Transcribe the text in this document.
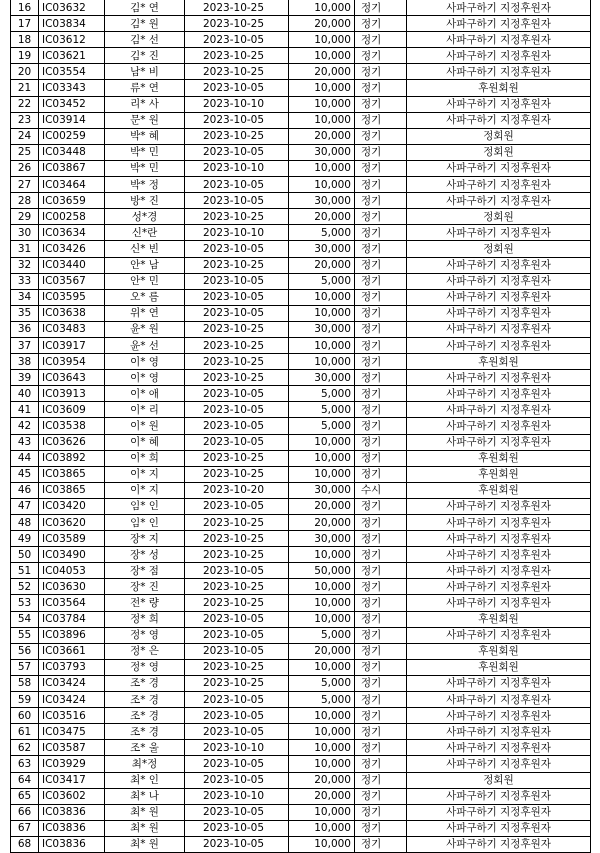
16	IC03632	김* 연	2023-10-25	10,000	정기	사파구하기 지정후원자
17	IC03834	김* 원	2023-10-25	20,000	정기	사파구하기 지정후원자
18	IC03612	김* 선	2023-10-05	10,000	정기	사파구하기 지정후원자
19	IC03621	김* 진	2023-10-25	10,000	정기	사파구하기 지정후원자
20	IC03554	남* 비	2023-10-25	20,000	정기	사파구하기 지정후원자
21	IC03343	류* 연	2023-10-05	10,000	정기	후원회원
22	IC03452	리* 사	2023-10-10	10,000	정기	사파구하기 지정후원자
23	IC03914	문* 원	2023-10-05	10,000	정기	사파구하기 지정후원자
24	IC00259	박* 혜	2023-10-25	20,000	정기	정회원
25	IC03448	박* 민	2023-10-05	30,000	정기	정회원
26	IC03867	박* 민	2023-10-10	10,000	정기	사파구하기 지정후원자
27	IC03464	박* 정	2023-10-05	10,000	정기	사파구하기 지정후원자
28	IC03659	방* 진	2023-10-05	30,000	정기	사파구하기 지정후원자
29	IC00258	성*경	2023-10-25	20,000	정기	정회원
30	IC03634	신*란	2023-10-10	5,000	정기	사파구하기 지정후원자
31	IC03426	신* 빈	2023-10-05	30,000	정기	정회원
32	IC03440	안* 남	2023-10-25	20,000	정기	사파구하기 지정후원자
33	IC03567	안* 민	2023-10-05	5,000	정기	사파구하기 지정후원자
34	IC03595	오* 름	2023-10-05	10,000	정기	사파구하기 지정후원자
35	IC03638	위* 연	2023-10-05	10,000	정기	사파구하기 지정후원자
36	IC03483	윤* 원	2023-10-25	30,000	정기	사파구하기 지정후원자
37	IC03917	윤* 선	2023-10-25	10,000	정기	사파구하기 지정후원자
38	IC03954	이* 영	2023-10-25	10,000	정기	후원회원
39	IC03643	이* 영	2023-10-25	30,000	정기	사파구하기 지정후원자
40	IC03913	이* 애	2023-10-05	5,000	정기	사파구하기 지정후원자
41	IC03609	이* 리	2023-10-05	5,000	정기	사파구하기 지정후원자
42	IC03538	이* 원	2023-10-05	5,000	정기	사파구하기 지정후원자
43	IC03626	이* 혜	2023-10-05	10,000	정기	사파구하기 지정후원자
44	IC03892	이* 희	2023-10-25	10,000	정기	후원회원
45	IC03865	이* 지	2023-10-25	10,000	정기	후원회원
46	IC03865	이* 지	2023-10-20	30,000	수시	후원회원
47	IC03420	임* 인	2023-10-05	20,000	정기	사파구하기 지정후원자
48	IC03620	임* 인	2023-10-25	20,000	정기	사파구하기 지정후원자
49	IC03589	장* 지	2023-10-25	30,000	정기	사파구하기 지정후원자
50	IC03490	장* 성	2023-10-25	10,000	정기	사파구하기 지정후원자
51	IC04053	장* 점	2023-10-05	50,000	정기	사파구하기 지정후원자
52	IC03630	장* 진	2023-10-25	10,000	정기	사파구하기 지정후원자
53	IC03564	전* 량	2023-10-25	10,000	정기	사파구하기 지정후원자
54	IC03784	정* 희	2023-10-05	10,000	정기	후원회원
55	IC03896	정* 영	2023-10-05	5,000	정기	사파구하기 지정후원자
56	IC03661	정* 은	2023-10-05	20,000	정기	후원회원
57	IC03793	정* 영	2023-10-25	10,000	정기	후원회원
58	IC03424	조* 경	2023-10-25	5,000	정기	사파구하기 지정후원자
59	IC03424	조* 경	2023-10-05	5,000	정기	사파구하기 지정후원자
60	IC03516	조* 경	2023-10-05	10,000	정기	사파구하기 지정후원자
61	IC03475	조* 경	2023-10-05	10,000	정기	사파구하기 지정후원자
62	IC03587	조* 울	2023-10-10	10,000	정기	사파구하기 지정후원자
63	IC03929	최*정	2023-10-05	10,000	정기	사파구하기 지정후원자
64	IC03417	최* 인	2023-10-05	20,000	정기	정회원
65	IC03602	최* 나	2023-10-10	20,000	정기	사파구하기 지정후원자
66	IC03836	최* 원	2023-10-05	10,000	정기	사파구하기 지정후원자
67	IC03836	최* 원	2023-10-05	10,000	정기	사파구하기 지정후원자
68	IC03836	최* 원	2023-10-05	10,000	정기	사파구하기 지정후원자
